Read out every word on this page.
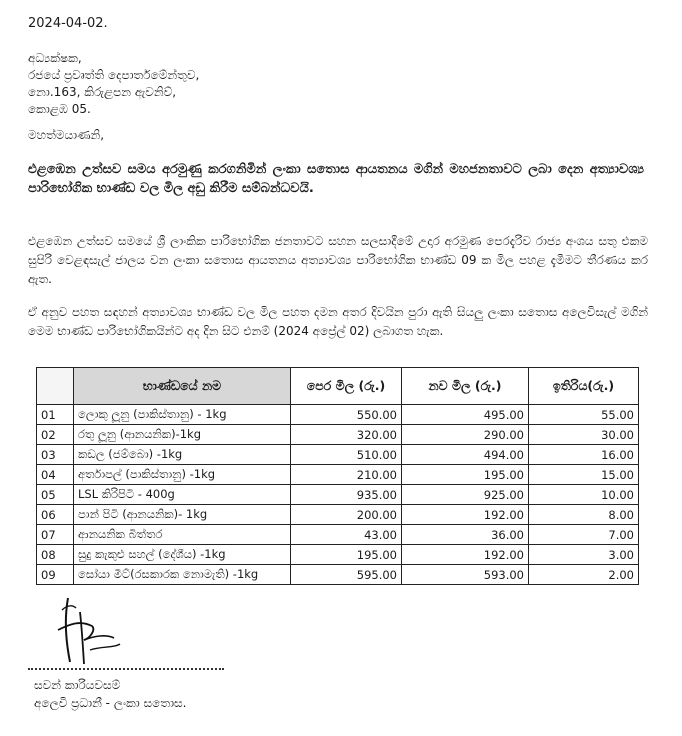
2024-04-02.
අධ්‍යක්ෂක,
රජයේ ප්‍රවෘත්ති දෙපාර්තමේන්තුව,
නො.163, කිරුළපන ඇවනිව්,
කොළඹ 05.
මහත්මයාණනි,
එළඹෙන උත්සව සමය අරමුණු කරගනිමින් ලංකා සතොස ආයතනය මගින් මහජනතාවට ලබා දෙන අත්‍යාවශ්‍ය පාරිභෝගික භාණ්ඩ වල මිල අඩු කිරීම සම්බන්ධවයි.
එළඹෙන උත්සව සමයේ ශ්‍රී ලාංකික පාරිභෝගික ජනතාවට සහන සලසාදීමේ උදාර අරමුණ පෙරදැරිව රාජ්‍ය අංශය සතු එකම සුපිරි වෙළඳසැල් ජාලය වන ලංකා සතොස ආයතනය අත්‍යාවශ්‍ය පාරිභෝගික භාණ්ඩ 09 ක මිල පහළ දැමීමට තීරණය කර ඇත.
ඒ අනුව පහත සඳහන් අත්‍යාවශ්‍ය භාණ්ඩ වල මිල පහත දමන අතර දිවයින පුරා ඇති සියලු ලංකා සතොස අලෙවිසැල් මගින් මෙම භාණ්ඩ පාරිභෝගිකයින්ට අද දින සිට එනම් (2024 අප්‍රේල් 02) ලබාගත හැක.
	භාණ්ඩයේ නම	පෙර මිල (රු.)	නව මිල (රු.)	ඉතිරිය(රු.)
01	ලොකු ලූනු (පාකිස්තානු) - 1kg	550.00	495.00	55.00
02	රතු ලූනු (ආනයනික)-1kg	320.00	290.00	30.00
03	කඩල (ජම්බො) -1kg	510.00	494.00	16.00
04	අර්තාපල් (පාකිස්තානු) -1kg	210.00	195.00	15.00
05	LSL කිරිපිටි - 400g	935.00	925.00	10.00
06	පාන් පිටි (ආනයනික)- 1kg	200.00	192.00	8.00
07	ආනයනික බිත්තර	43.00	36.00	7.00
08	සුදු කැකුළු සහල් (දේශීය) -1kg	195.00	192.00	3.00
09	සෝයා මීට්(රසකාරක නොමැති) -1kg	595.00	593.00	2.00
සවන් කාරියවසම්
අලෙවි ප්‍රධානී - ලංකා සතොස.
